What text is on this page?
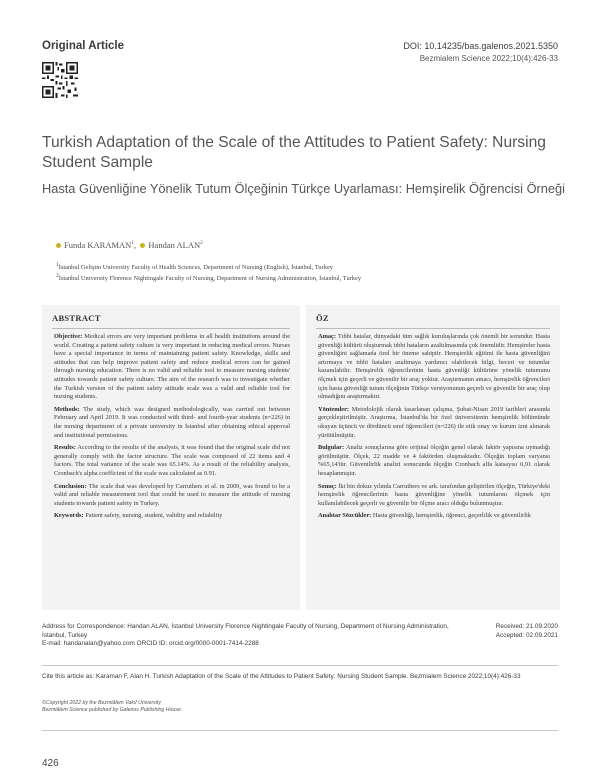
Original Article	DOI: 10.14235/bas.galenos.2021.5350
Bezmialem Science 2022;10(4):426-33
Turkish Adaptation of the Scale of the Attitudes to Patient Safety: Nursing Student Sample
Hasta Güvenliğine Yönelik Tutum Ölçeğinin Türkçe Uyarlaması: Hemşirelik Öğrencisi Örneği
Funda KARAMAN$^1$,  Handan ALAN$^2$
1İstanbul Gelişim University Faculty of Health Sciences, Department of Nursing (English), İstanbul, Turkey
2İstanbul University Florence Nightingale Faculty of Nursing, Department of Nursing Administration, İstanbul, Turkey
ABSTRACT

Objective: Medical errors are very important problems in all health institutions around the world. Creating a patient safety culture is very important in reducing medical errors. Nurses have a special importance in terms of maintaining patient safety. Knowledge, skills and attitudes that can help improve patient safety and reduce medical errors can be gained through nursing education. There is no valid and reliable tool to measure nursing students' attitudes towards patient safety culture. The aim of the research was to investigate whether the Turkish version of the patient safety attitude scale was a valid and reliable tool for nursing students.

Methods: The study, which was designed methodologically, was carried out between February and April 2019. It was conducted with third- and fourth-year students (n=226) in the nursing department of a private university in İstanbul after obtaining ethical approval and institutional permissions.

Results: According to the results of the analysis, it was found that the original scale did not generally comply with the factor structure. The scale was composed of 22 items and 4 factors. The total variance of the scale was 65.14%. As a result of the reliability analysis, Cronbach's alpha coefficient of the scale was calculated as 0.91.

Conclusion: The scale that was developed by Carruthers et al. in 2009, was found to be a valid and reliable measurement tool that could be used to measure the attitude of nursing students towards patient safety in Turkey.

Keywords: Patient safety, nursing, student, validity and reliability

ÖZ

Amaç: Tıbbi hatalar, dünyadaki tüm sağlık kuruluşlarında çok önemli bir sorundur. Hasta güvenliği kültürü oluşturmak tıbbi hataların azaltılmasında çok önemlidir. Hemşireler hasta güvenliğini sağlamada özel bir öneme sahiptir. Hemşirelik eğitimi ile hasta güvenliğini artırmaya ve tıbbi hataları azaltmaya yardımcı olabilecek bilgi, beceri ve tutumlar kazanılabilir. Hemşirelik öğrencilerinin hasta güvenliği kültürüne yönelik tutumunu ölçmek için geçerli ve güvenilir bir araç yoktur. Araştırmanın amacı, hemşirelik öğrencileri için hasta güvenliği tutum ölçeğinin Türkçe versiyonunun geçerli ve güvenilir bir araç olup olmadığını araştırmaktır.

Yöntemler: Metodolojik olarak tasarlanan çalışma, Şubat-Nisan 2019 tarihleri arasında gerçekleştirilmiştir. Araştırma, İstanbul'da bir özel üniversitenin hemşirelik bölümünde okuyan üçüncü ve dördüncü sınıf öğrencileri (n=226) ile etik onay ve kurum izni alınarak yürütülmüştür.

Bulgular: Analiz sonuçlarına göre orijinal ölçeğin genel olarak faktör yapısına uymadığı görülmüştür. Ölçek, 22 madde ve 4 faktörden oluşmaktadır. Ölçeğin toplam varyansı %65,14'tür. Güvenilirlik analizi sonucunda ölçeğin Cronbach alfa katsayısı 0,91 olarak hesaplanmıştır.

Sonuç: İki bin dokuz yılında Carruthers ve ark. tarafından geliştirilen ölçeğin, Türkiye'deki hemşirelik öğrencilerinin hasta güvenliğine yönelik tutumlarını ölçmek için kullanılabilecek geçerli ve güvenilir bir ölçme aracı olduğu bulunmuştur.

Anahtar Sözcükler: Hasta güvenliği, hemşirelik, öğrenci, geçerlilik ve güvenilirlik

Address for Correspondence: Handan ALAN, İstanbul University Florence Nightingale Faculty of Nursing, Department of Nursing Administration, İstanbul, Turkey
E-mail: handanalan@yahoo.com ORCID ID: orcid.org/0000-0001-7414-2288
Received: 21.09.2020
Accepted: 02.09.2021
Cite this article as: Karaman F, Alan H. Turkish Adaptation of the Scale of the Attitudes to Patient Safety: Nursing Student Sample. Bezmialem Science 2022;10(4):426-33
©Copyright 2022 by the Bezmiâlem Vakıf University
Bezmiâlem Science published by Galenos Publishing House.
426
